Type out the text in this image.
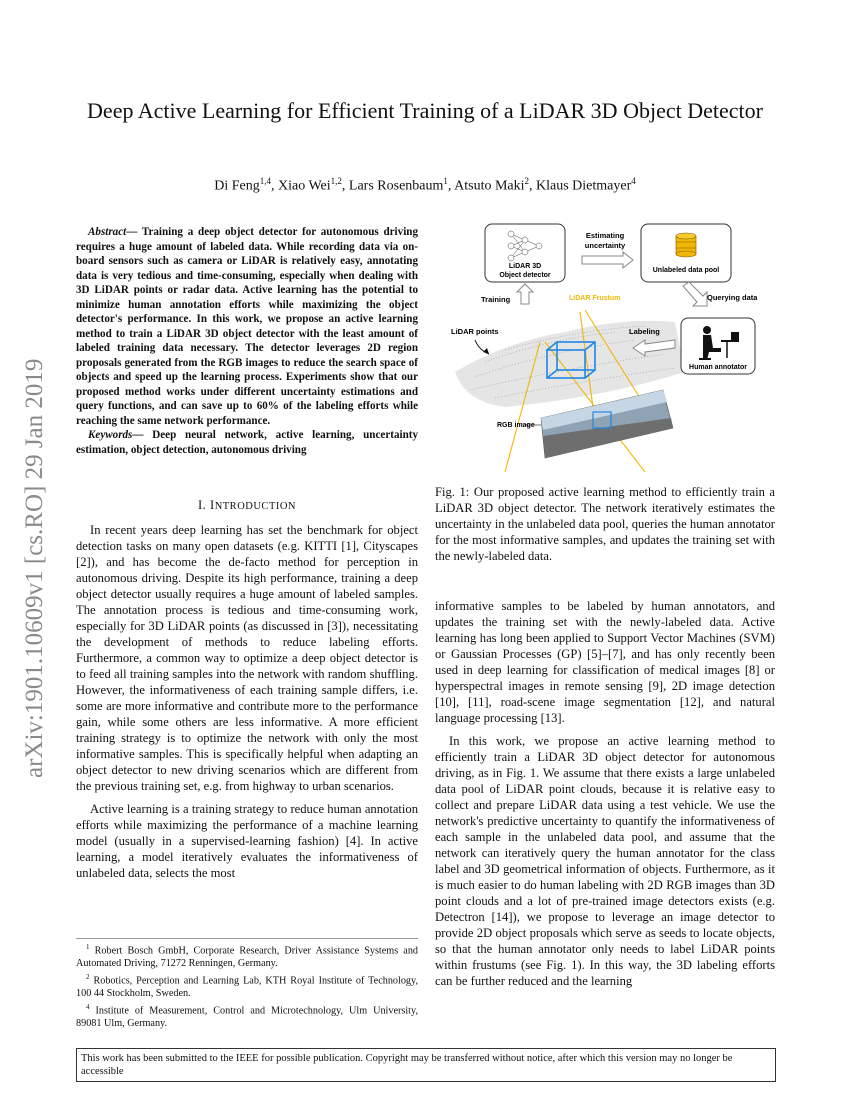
arXiv:1901.10609v1 [cs.RO] 29 Jan 2019
Deep Active Learning for Efficient Training of a LiDAR 3D Object Detector
Di Feng$^{1,4}$, Xiao Wei$^{1,2}$, Lars Rosenbaum$^1$, Atsuto Maki$^2$, Klaus Dietmayer$^4$

Abstract— Training a deep object detector for autonomous driving requires a huge amount of labeled data. While recording data via on-board sensors such as camera or LiDAR is relatively easy, annotating data is very tedious and time-consuming, especially when dealing with 3D LiDAR points or radar data. Active learning has the potential to minimize human annotation efforts while maximizing the object detector's performance. In this work, we propose an active learning method to train a LiDAR 3D object detector with the least amount of labeled training data necessary. The detector leverages 2D region proposals generated from the RGB images to reduce the search space of objects and speed up the learning process. Experiments show that our proposed method works under different uncertainty estimations and query functions, and can save up to 60% of the labeling efforts while reaching the same network performance.

Keywords— Deep neural network, active learning, uncertainty estimation, object detection, autonomous driving

I. INTRODUCTION

In recent years deep learning has set the benchmark for object detection tasks on many open datasets (e.g. KITTI [1], Cityscapes [2]), and has become the de-facto method for perception in autonomous driving. Despite its high performance, training a deep object detector usually requires a huge amount of labeled samples. The annotation process is tedious and time-consuming work, especially for 3D LiDAR points (as discussed in [3]), necessitating the development of methods to reduce labeling efforts. Furthermore, a common way to optimize a deep object detector is to feed all training samples into the network with random shuffling. However, the informativeness of each training sample differs, i.e. some are more informative and contribute more to the performance gain, while some others are less informative. A more efficient training strategy is to optimize the network with only the most informative samples. This is specifically helpful when adapting an object detector to new driving scenarios which are different from the previous training set, e.g. from highway to urban scenarios.

Active learning is a training strategy to reduce human annotation efforts while maximizing the performance of a machine learning model (usually in a supervised-learning fashion) [4]. In active learning, a model iteratively evaluates the informativeness of unlabeled data, selects the most

$^1$ Robert Bosch GmbH, Corporate Research, Driver Assistance Systems and Automated Driving, 71272 Renningen, Germany.
$^2$ Robotics, Perception and Learning Lab, KTH Royal Institute of Technology, 100 44 Stockholm, Sweden.
$^4$ Institute of Measurement, Control and Microtechnology, Ulm University, 89081 Ulm, Germany.
LiDAR 3D
Object detector
Estimating
uncertainty
Unlabeled data pool
Querying data
Training	LiDAR Frustum
LiDAR points	Labeling
Human annotator
RGB image
Fig. 1: Our proposed active learning method to efficiently train a LiDAR 3D object detector. The network iteratively estimates the uncertainty in the unlabeled data pool, queries the human annotator for the most informative samples, and updates the training set with the newly-labeled data.

informative samples to be labeled by human annotators, and updates the training set with the newly-labeled data. Active learning has long been applied to Support Vector Machines (SVM) or Gaussian Processes (GP) [5]–[7], and has only recently been used in deep learning for classification of medical images [8] or hyperspectral images in remote sensing [9], 2D image detection [10], [11], road-scene image segmentation [12], and natural language processing [13].

In this work, we propose an active learning method to efficiently train a LiDAR 3D object detector for autonomous driving, as in Fig. 1. We assume that there exists a large unlabeled data pool of LiDAR point clouds, because it is relative easy to collect and prepare LiDAR data using a test vehicle. We use the network's predictive uncertainty to quantify the informativeness of each sample in the unlabeled data pool, and assume that the network can iteratively query the human annotator for the class label and 3D geometrical information of objects. Furthermore, as it is much easier to do human labeling with 2D RGB images than 3D point clouds and a lot of pre-trained image detectors exists (e.g. Detectron [14]), we propose to leverage an image detector to provide 2D object proposals which serve as seeds to locate objects, so that the human annotator only needs to label LiDAR points within frustums (see Fig. 1). In this way, the 3D labeling efforts can be further reduced and the learning

This work has been submitted to the IEEE for possible publication. Copyright may be transferred without notice, after which this version may no longer be accessible
